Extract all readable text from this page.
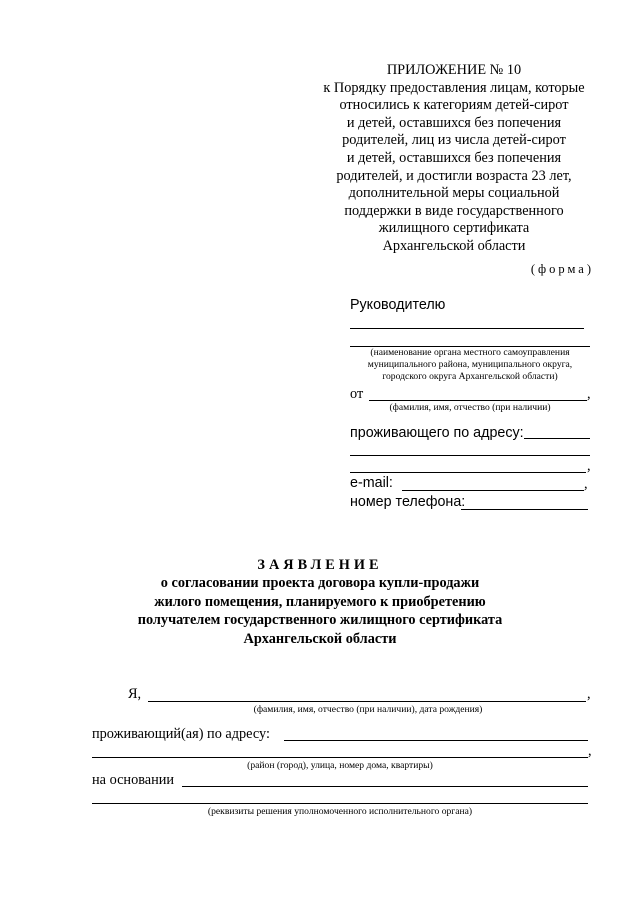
ПРИЛОЖЕНИЕ № 10
к Порядку предоставления лицам, которые
относились к категориям детей-сирот
и детей, оставшихся без попечения
родителей, лиц из числа детей-сирот
и детей, оставшихся без попечения
родителей, и достигли возраста 23 лет,
дополнительной меры социальной
поддержки в виде государственного
жилищного сертификата
Архангельской области
(форма)
Руководителю
(наименование органа местного самоуправления
муниципального района, муниципального округа,
городского округа Архангельской области)
от	,
(фамилия, имя, отчество (при наличии)
проживающего по адресу:
,
e-mail:	,
номер телефона:
ЗАЯВЛЕНИЕ
о согласовании проекта договора купли-продажи
жилого помещения, планируемого к приобретению
получателем государственного жилищного сертификата
Архангельской области
Я,	,
(фамилия, имя, отчество (при наличии), дата рождения)
проживающий(ая) по адресу:
,
(район (город), улица, номер дома, квартиры)
на основании
(реквизиты решения уполномоченного исполнительного органа)
